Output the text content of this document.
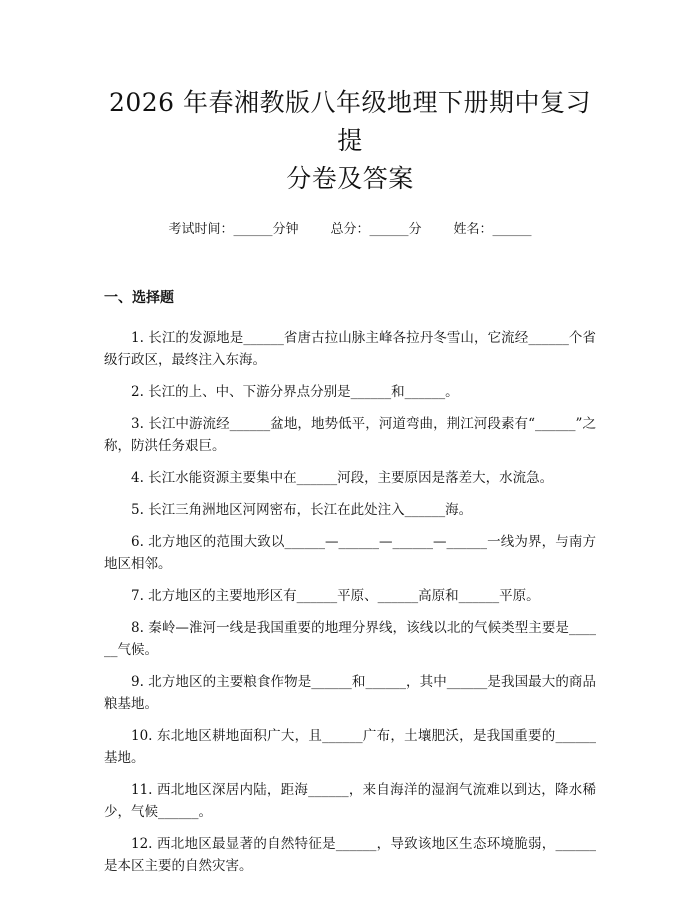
2026 年春湘教版八年级地理下册期中复习提
分卷及答案
考试时间：______分钟 总分：______分 姓名：______
一、选择题

1. 长江的发源地是______省唐古拉山脉主峰各拉丹冬雪山，它流经______个省级行政区，最终注入东海。

2. 长江的上、中、下游分界点分别是______和______。

3. 长江中游流经______盆地，地势低平，河道弯曲，荆江河段素有“______”之称，防洪任务艰巨。

4. 长江水能资源主要集中在______河段，主要原因是落差大，水流急。

5. 长江三角洲地区河网密布，长江在此处注入______海。

6. 北方地区的范围大致以______—______—______—______一线为界，与南方地区相邻。

7. 北方地区的主要地形区有______平原、______高原和______平原。

8. 秦岭—淮河一线是我国重要的地理分界线，该线以北的气候类型主要是______气候。

9. 北方地区的主要粮食作物是______和______，其中______是我国最大的商品粮基地。

10. 东北地区耕地面积广大，且______广布，土壤肥沃，是我国重要的______基地。

11. 西北地区深居内陆，距海______，来自海洋的湿润气流难以到达，降水稀少，气候______。

12. 西北地区最显著的自然特征是______，导致该地区生态环境脆弱，______是本区主要的自然灾害。
